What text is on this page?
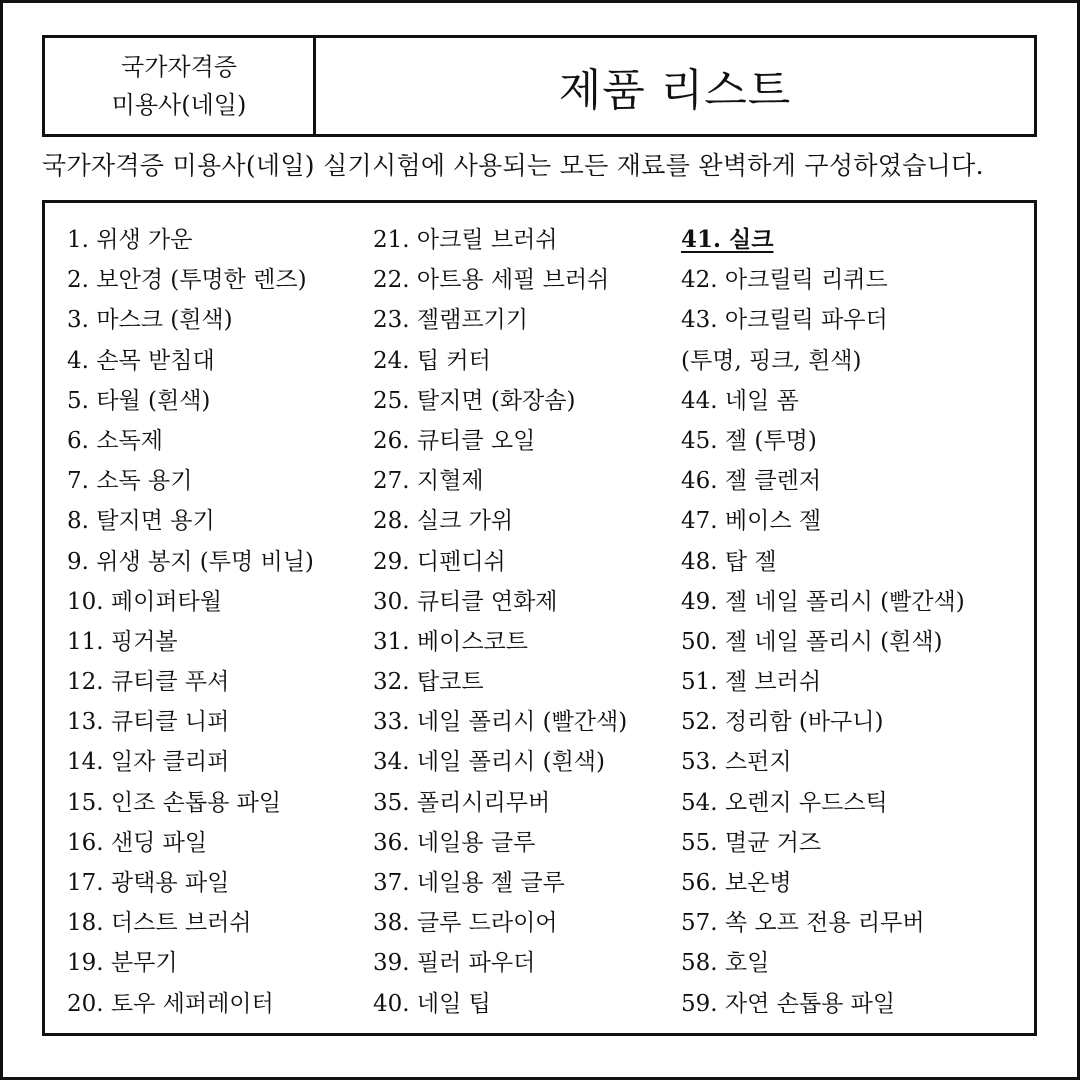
국가자격증
미용사(네일)	제품 리스트
국가자격증 미용사(네일) 실기시험에 사용되는 모든 재료를 완벽하게 구성하였습니다.
1. 위생 가운
2. 보안경 (투명한 렌즈)
3. 마스크 (흰색)
4. 손목 받침대
5. 타월 (흰색)
6. 소독제
7. 소독 용기
8. 탈지면 용기
9. 위생 봉지 (투명 비닐)
10. 페이퍼타월
11. 핑거볼
12. 큐티클 푸셔
13. 큐티클 니퍼
14. 일자 클리퍼
15. 인조 손톱용 파일
16. 샌딩 파일
17. 광택용 파일
18. 더스트 브러쉬
19. 분무기
20. 토우 세퍼레이터
21. 아크릴 브러쉬
22. 아트용 세필 브러쉬
23. 젤램프기기
24. 팁 커터
25. 탈지면 (화장솜)
26. 큐티클 오일
27. 지혈제
28. 실크 가위
29. 디펜디쉬
30. 큐티클 연화제
31. 베이스코트
32. 탑코트
33. 네일 폴리시 (빨간색)
34. 네일 폴리시 (흰색)
35. 폴리시리무버
36. 네일용 글루
37. 네일용 젤 글루
38. 글루 드라이어
39. 필러 파우더
40. 네일 팁
41. 실크
42. 아크릴릭 리퀴드
43. 아크릴릭 파우더
(투명, 핑크, 흰색)
44. 네일 폼
45. 젤 (투명)
46. 젤 클렌저
47. 베이스 젤
48. 탑 젤
49. 젤 네일 폴리시 (빨간색)
50. 젤 네일 폴리시 (흰색)
51. 젤 브러쉬
52. 정리함 (바구니)
53. 스펀지
54. 오렌지 우드스틱
55. 멸균 거즈
56. 보온병
57. 쏙 오프 전용 리무버
58. 호일
59. 자연 손톱용 파일
